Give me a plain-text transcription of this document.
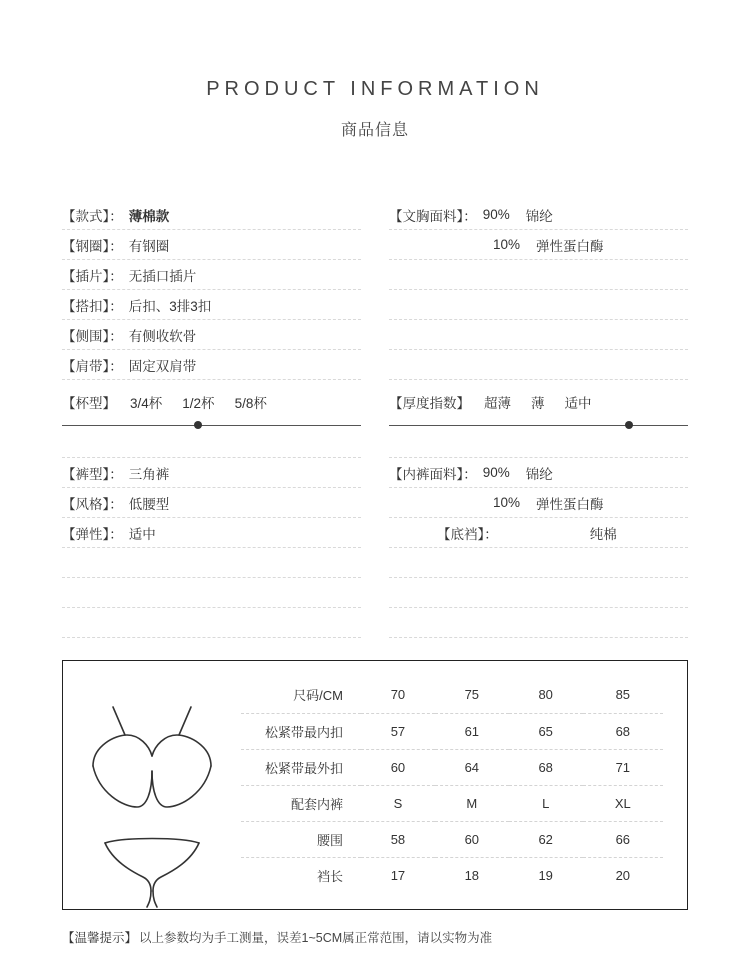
PRODUCT INFORMATION
商品信息
【款式】： 薄棉款
【钢圈】： 有钢圈
【插片】： 无插口插片
【搭扣】： 后扣、3排3扣
【侧围】： 有侧收软骨
【肩带】： 固定双肩带
【杯型】 3/4杯 1/2杯 5/8杯
【裤型】： 三角裤
【风格】： 低腰型
【弹性】： 适中
【文胸面料】： 90% 锦纶
10% 弹性蛋白酶
【厚度指数】 超薄 薄 适中
【内裤面料】： 90% 锦纶
10% 弹性蛋白酶
【底裆】：	纯棉
尺码/CM	70	75	80	85
松紧带最内扣	57	61	65	68
松紧带最外扣	60	64	68	71
配套内裤	S	M	L	XL
腰围	58	60	62	66
裆长	17	18	19	20
【温馨提示】 以上参数均为手工测量，误差1~5CM属正常范围，请以实物为准
